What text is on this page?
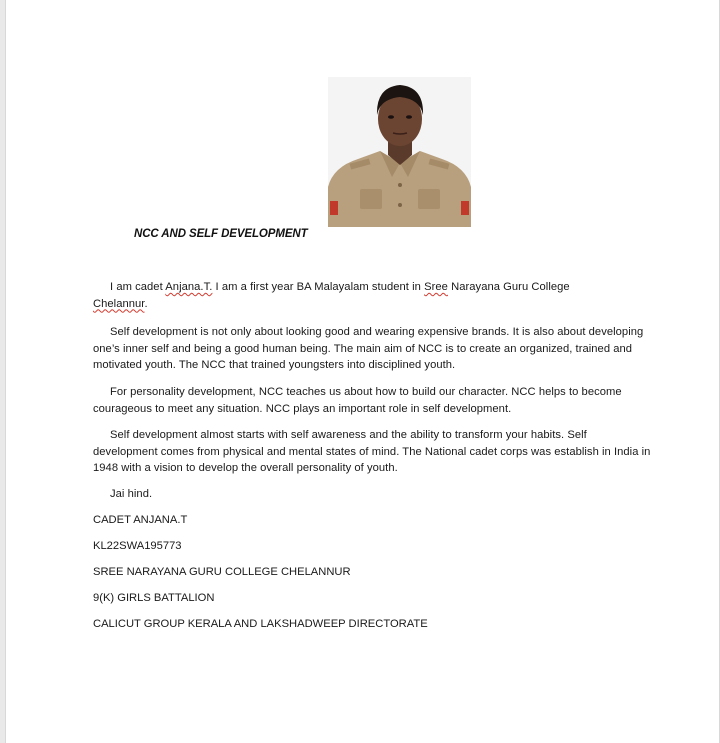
NCC AND SELF DEVELOPMENT

I am cadet Anjana.T. I am a first year BA Malayalam student in Sree Narayana Guru College
Chelannur.

Self development is not only about looking good and wearing expensive brands. It is also about developing one’s inner self and being a good human being. The main aim of NCC is to create an organized, trained and motivated youth. The NCC that trained youngsters into disciplined youth.

For personality development, NCC teaches us about how to build our character. NCC helps to become courageous to meet any situation. NCC plays an important role in self development.

Self development almost starts with self awareness and the ability to transform your habits. Self development comes from physical and mental states of mind. The National cadet corps was establish in India in 1948 with a vision to develop the overall personality of youth.

Jai hind.

CADET ANJANA.T
KL22SWA195773
SREE NARAYANA GURU COLLEGE CHELANNUR
9(K) GIRLS BATTALION
CALICUT GROUP KERALA AND LAKSHADWEEP DIRECTORATE
